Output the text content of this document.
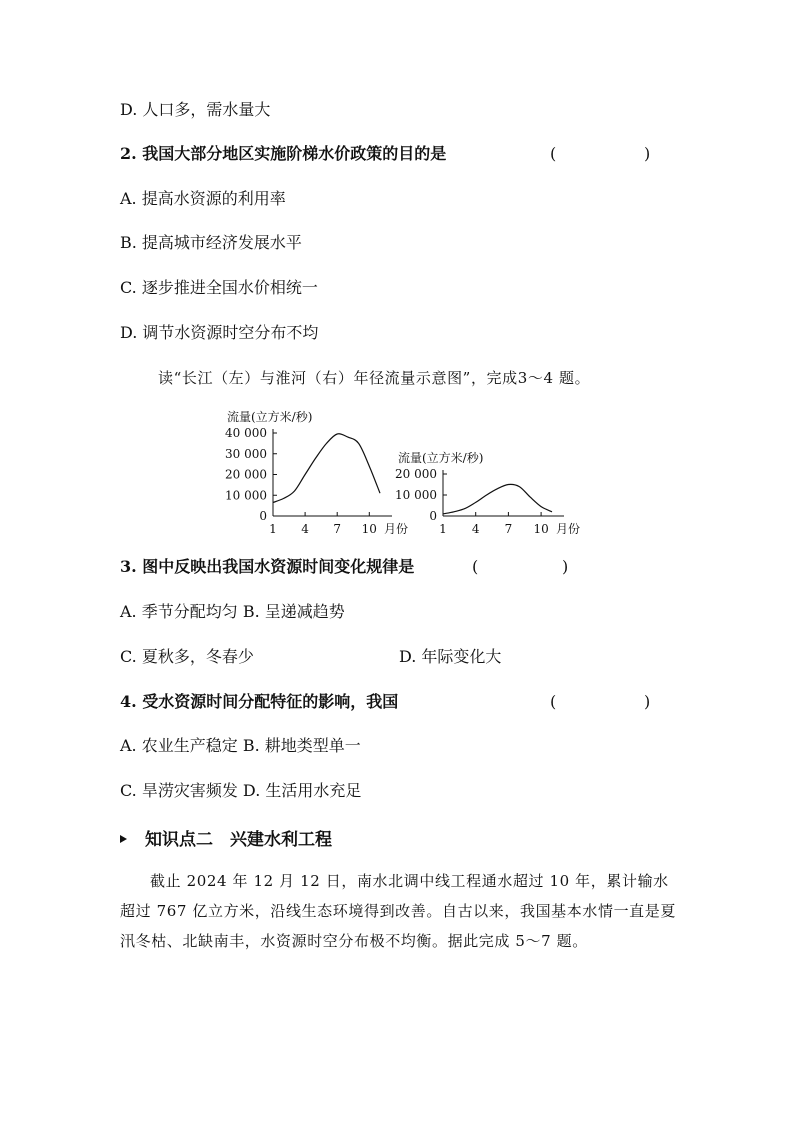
D. 人口多，需水量大
2. 我国大部分地区实施阶梯水价政策的目的是	(	)
A. 提高水资源的利用率
B. 提高城市经济发展水平
C. 逐步推进全国水价相统一
D. 调节水资源时空分布不均
读“长江（左）与淮河（右）年径流量示意图”，完成3～4 题。
流量(立方米/秒)
0
10 000
20 000
30 000
40 000
1 4 7 10 月份
流量(立方米/秒)
0
10 000
20 000
1 4 7 10 月份
3. 图中反映出我国水资源时间变化规律是	(	)
A. 季节分配均匀 B. 呈递减趋势
C. 夏秋多，冬春少	D. 年际变化大
4. 受水资源时间分配特征的影响，我国	(	)
A. 农业生产稳定 B. 耕地类型单一
C. 旱涝灾害频发 D. 生活用水充足
知识点二　兴建水利工程
截止 2024 年 12 月 12 日，南水北调中线工程通水超过 10 年，累计输水超过 767 亿立方米，沿线生态环境得到改善。自古以来，我国基本水情一直是夏汛冬枯、北缺南丰，水资源时空分布极不均衡。据此完成 5～7 题。
